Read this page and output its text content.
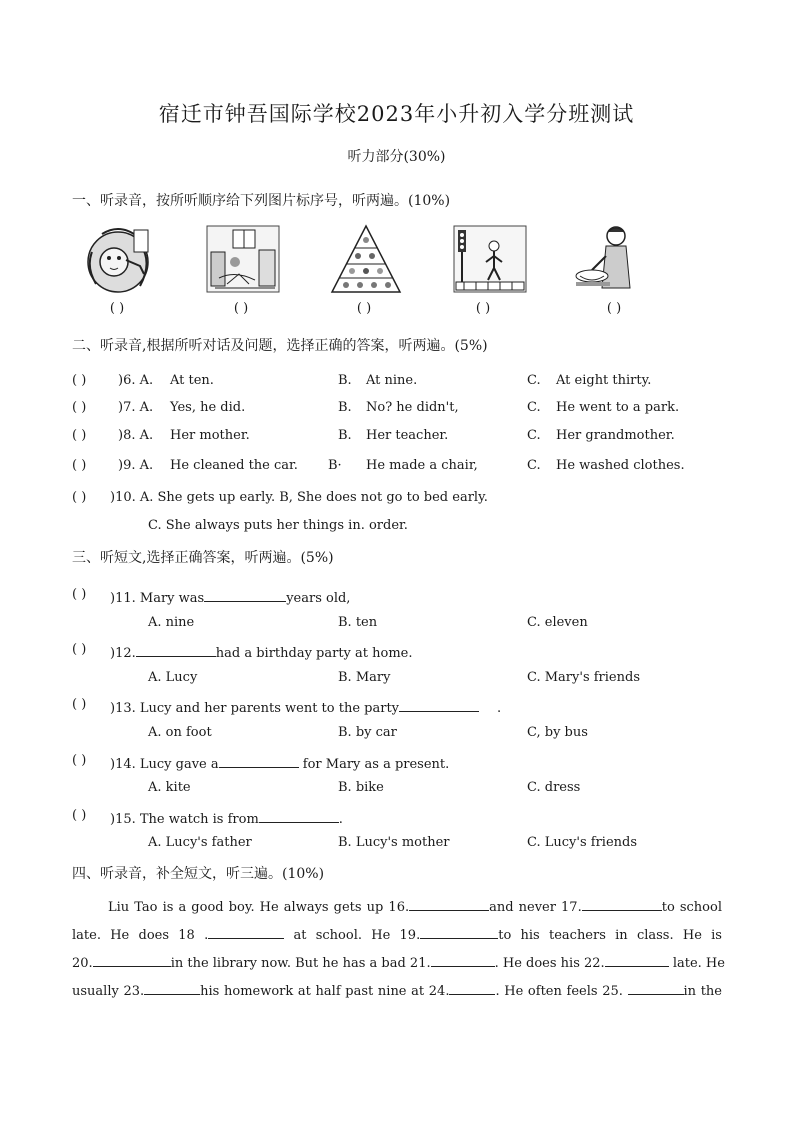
宿迁市钟吾国际学校2023年小升初入学分班测试
听力部分(30%)
一、听录音，按所听顺序给下列图片标序号，听两遍。(10%)
( )	( )	( )	( )	( )
二、听录音,根据所听对话及问题，选择正确的答案，听两遍。(5%)
( ) )6. A. At ten.	B. At nine.	C. At eight thirty.
( ) )7. A. Yes, he did.	B. No? he didn't,	C. He went to a park.
( ) )8. A. Her mother.	B. Her teacher.	C. Her grandmother.
( ) )9. A. He cleaned the car. B· He made a chair,	C. He washed clothes.
( ) )10. A. She gets up early. B, She does not go to bed early.
C. She always puts her things in. order.
三、听短文,选择正确答案，听两遍。(5%)
( ) )11. Mary was	years old,
A. nine	B. ten	C. eleven
( ) )12.	had a birthday party at home.
A. Lucy	B. Mary	C. Mary's friends
( ) )13. Lucy and her parents went to the party	.
A. on foot	B. by car	C, by bus
( ) )14. Lucy gave a	for Mary as a present.
A. kite	B. bike	C. dress
( ) )15. The watch is from	.
A. Lucy's father	B. Lucy's mother	C. Lucy's friends
四、听录音，补全短文，听三遍。(10%)
Liu Tao is a good boy. He always gets up 16.	and never 17.	to school
late. He does 18 .	at school. He 19.	to his teachers in class. He is
20.	in the library now. But he has a bad 21.	. He does his 22.	late. He
usually 23.	his homework at half past nine at 24.	. He often feels 25.	in the
